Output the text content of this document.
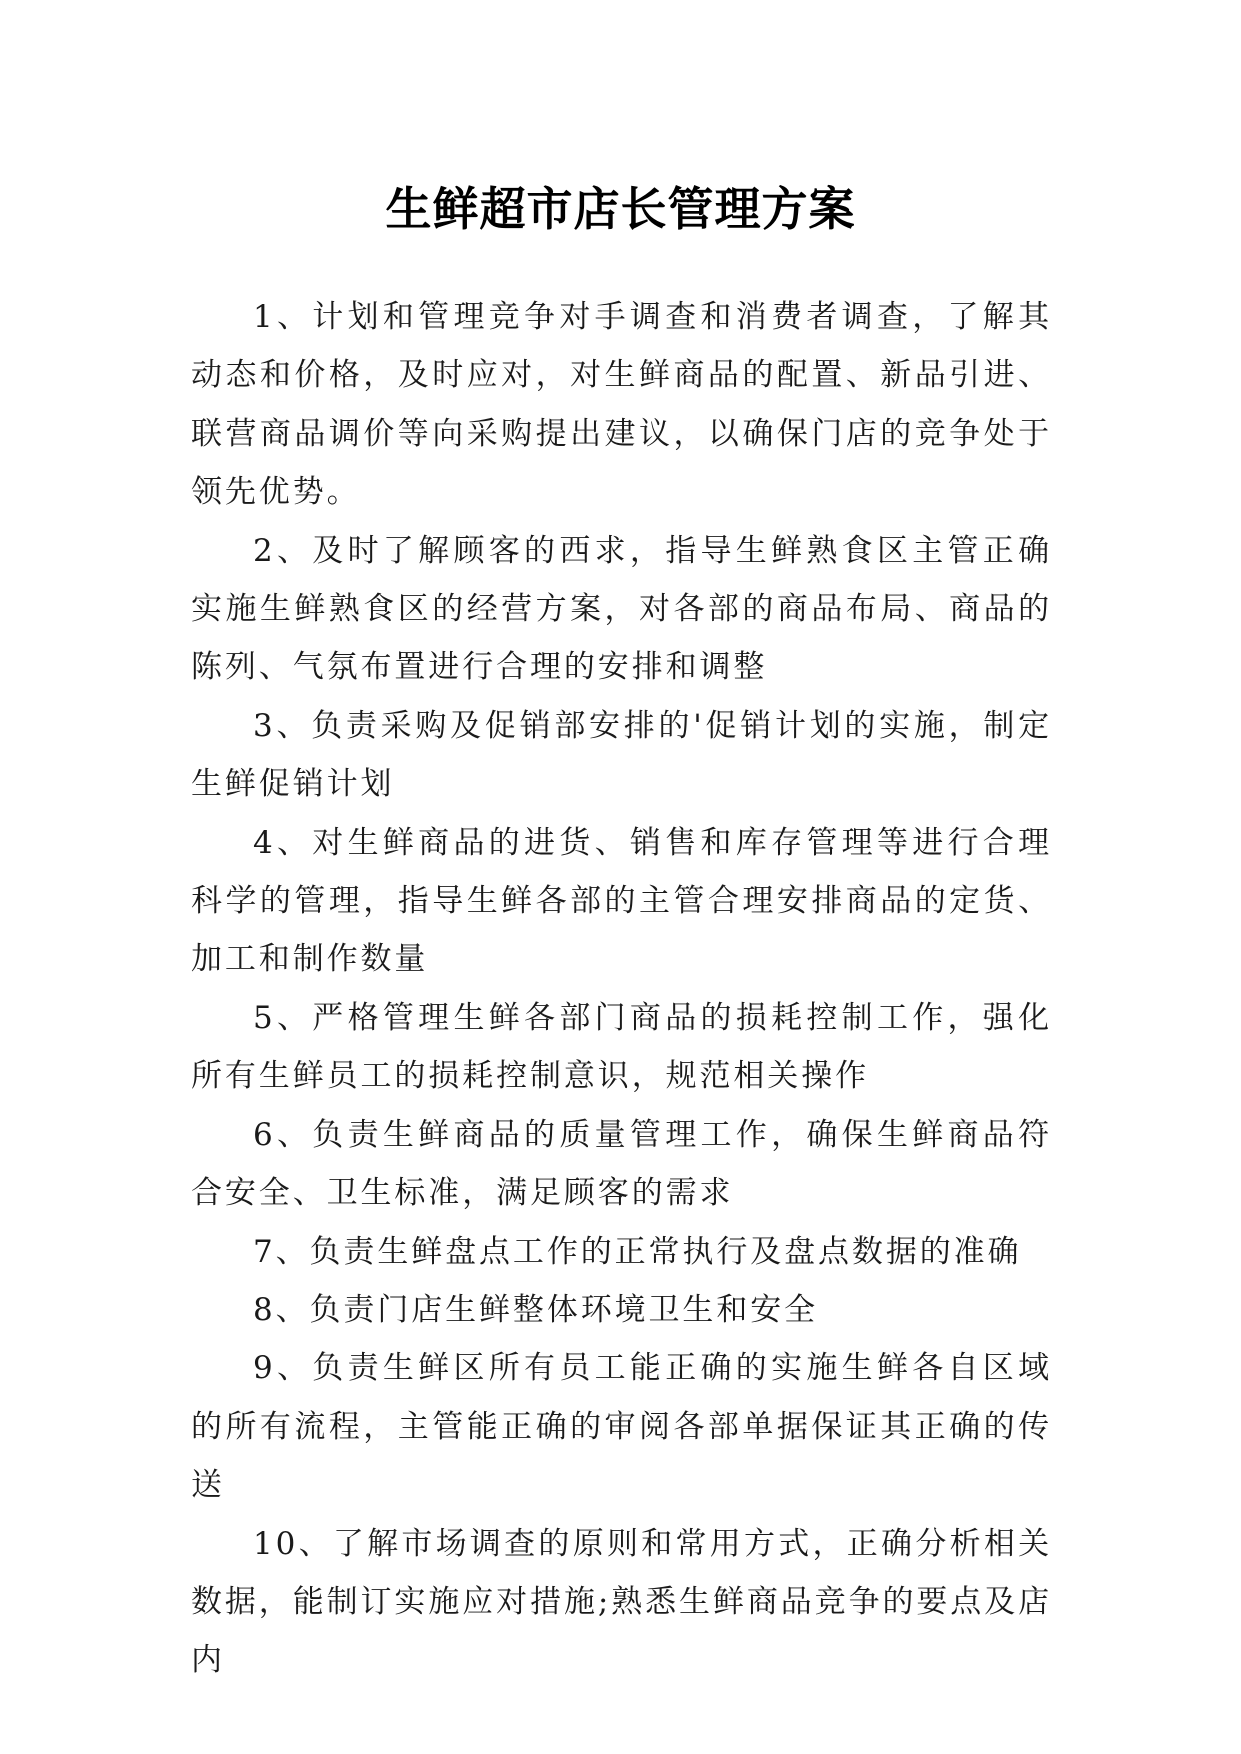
生鲜超市店长管理方案

1、计划和管理竞争对手调查和消费者调查，了解其动态和价格，及时应对，对生鲜商品的配置、新品引进、联营商品调价等向采购提出建议，以确保门店的竞争处于领先优势。

2、及时了解顾客的西求，指导生鲜熟食区主管正确实施生鲜熟食区的经营方案，对各部的商品布局、商品的陈列、气氛布置进行合理的安排和调整

3、负责采购及促销部安排的'促销计划的实施，制定生鲜促销计划

4、对生鲜商品的进货、销售和库存管理等进行合理科学的管理，指导生鲜各部的主管合理安排商品的定货、加工和制作数量

5、严格管理生鲜各部门商品的损耗控制工作，强化所有生鲜员工的损耗控制意识，规范相关操作

6、负责生鲜商品的质量管理工作，确保生鲜商品符合安全、卫生标准，满足顾客的需求

7、负责生鲜盘点工作的正常执行及盘点数据的准确

8、负责门店生鲜整体环境卫生和安全

9、负责生鲜区所有员工能正确的实施生鲜各自区域的所有流程，主管能正确的审阅各部单据保证其正确的传送

10、了解市场调查的原则和常用方式，正确分析相关数据，能制订实施应对措施;熟悉生鲜商品竞争的要点及店内
